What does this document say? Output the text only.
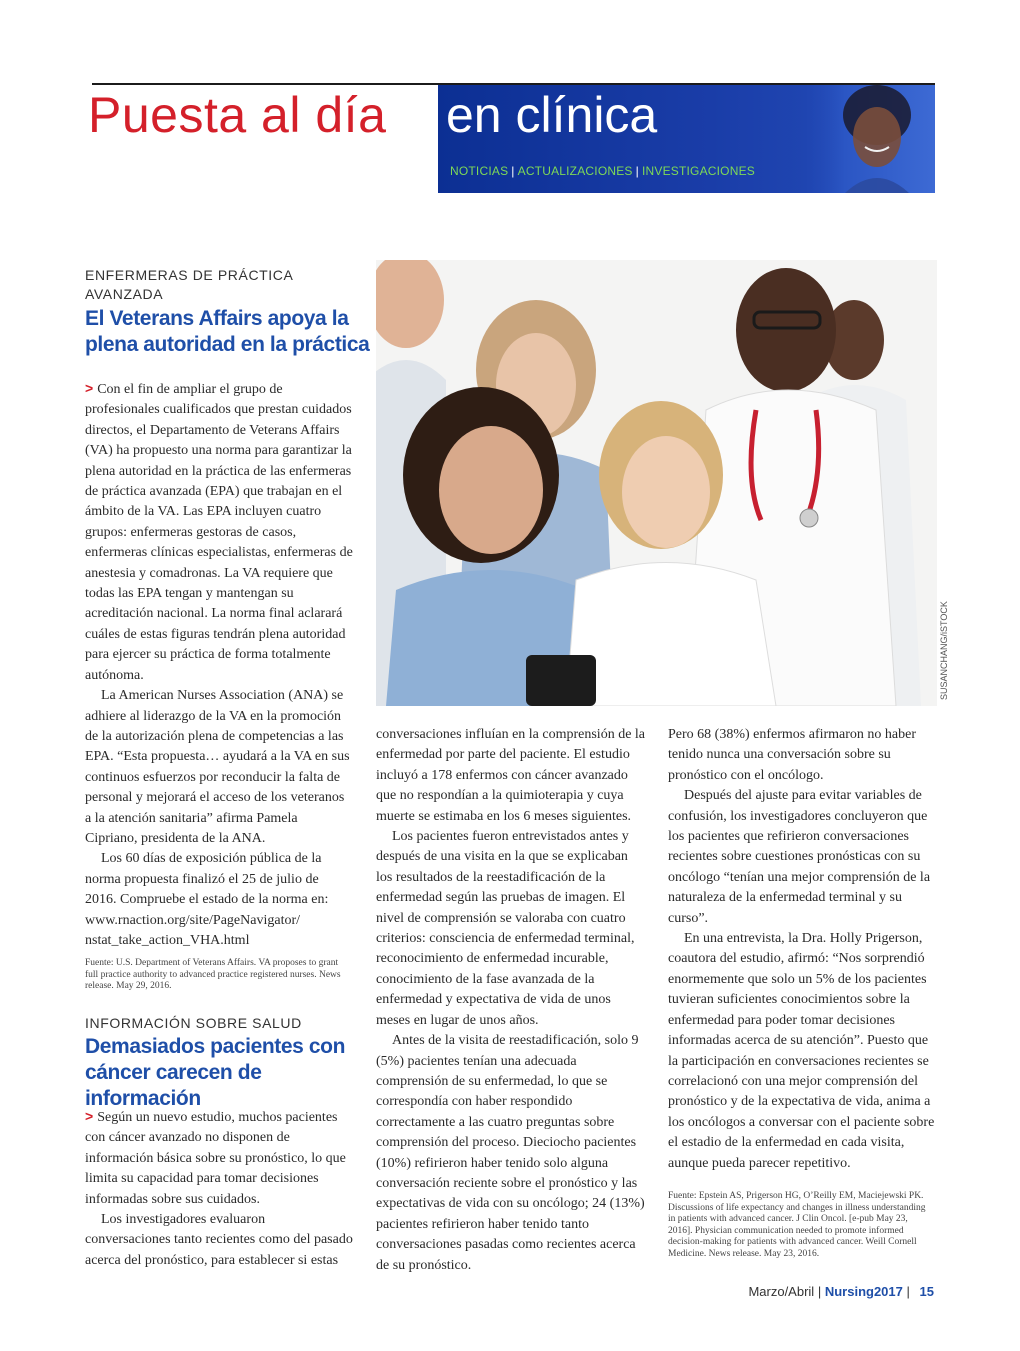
Puesta al día en clínica
NOTICIAS | ACTUALIZACIONES | INVESTIGACIONES
ENFERMERAS DE PRÁCTICA AVANZADA
El Veterans Affairs apoya la plena autoridad en la práctica

> Con el fin de ampliar el grupo de profesionales cualificados que prestan cuidados directos, el Departamento de Veterans Affairs (VA) ha propuesto una norma para garantizar la plena autoridad en la práctica de las enfermeras de práctica avanzada (EPA) que trabajan en el ámbito de la VA. Las EPA incluyen cuatro grupos: enfermeras gestoras de casos, enfermeras clínicas especialistas, enfermeras de anestesia y comadronas. La VA requiere que todas las EPA tengan y mantengan su acreditación nacional. La norma final aclarará cuáles de estas figuras tendrán plena autoridad para ejercer su práctica de forma totalmente autónoma.

La American Nurses Association (ANA) se adhiere al liderazgo de la VA en la promoción de la autorización plena de competencias a las EPA. “Esta propuesta… ayudará a la VA en sus continuos esfuerzos por reconducir la falta de personal y mejorará el acceso de los veteranos a la atención sanitaria” afirma Pamela Cipriano, presidenta de la ANA.

Los 60 días de exposición pública de la norma propuesta finalizó el 25 de julio de 2016. Compruebe el estado de la norma en: www.rnaction.org/site/PageNavigator/ nstat_take_action_VHA.html

Fuente: U.S. Department of Veterans Affairs. VA proposes to grant full practice authority to advanced practice registered nurses. News release. May 29, 2016.
INFORMACIÓN SOBRE SALUD
Demasiados pacientes con cáncer carecen de información

> Según un nuevo estudio, muchos pacientes con cáncer avanzado no disponen de información básica sobre su pronóstico, lo que limita su capacidad para tomar decisiones informadas sobre sus cuidados.

Los investigadores evaluaron conversaciones tanto recientes como del pasado acerca del pronóstico, para establecer si estas

conversaciones influían en la comprensión de la enfermedad por parte del paciente. El estudio incluyó a 178 enfermos con cáncer avanzado que no respondían a la quimioterapia y cuya muerte se estimaba en los 6 meses siguientes.

Los pacientes fueron entrevistados antes y después de una visita en la que se explicaban los resultados de la reestadificación de la enfermedad según las pruebas de imagen. El nivel de comprensión se valoraba con cuatro criterios: consciencia de enfermedad terminal, reconocimiento de enfermedad incurable, conocimiento de la fase avanzada de la enfermedad y expectativa de vida de unos meses en lugar de unos años.

Antes de la visita de reestadificación, solo 9 (5%) pacientes tenían una adecuada comprensión de su enfermedad, lo que se correspondía con haber respondido correctamente a las cuatro preguntas sobre comprensión del proceso. Dieciocho pacientes (10%) refirieron haber tenido solo alguna conversación reciente sobre el pronóstico y las expectativas de vida con su oncólogo; 24 (13%) pacientes refirieron haber tenido tanto conversaciones pasadas como recientes acerca de su pronóstico.

Pero 68 (38%) enfermos afirmaron no haber tenido nunca una conversación sobre su pronóstico con el oncólogo.

Después del ajuste para evitar variables de confusión, los investigadores concluyeron que los pacientes que refirieron conversaciones recientes sobre cuestiones pronósticas con su oncólogo “tenían una mejor comprensión de la naturaleza de la enfermedad terminal y su curso”.

En una entrevista, la Dra. Holly Prigerson, coautora del estudio, afirmó: “Nos sorprendió enormemente que solo un 5% de los pacientes tuvieran suficientes conocimientos sobre la enfermedad para poder tomar decisiones informadas acerca de su atención”. Puesto que la participación en conversaciones recientes se correlacionó con una mejor comprensión del pronóstico y de la expectativa de vida, anima a los oncólogos a conversar con el paciente sobre el estadio de la enfermedad en cada visita, aunque pueda parecer repetitivo.

Fuente: Epstein AS, Prigerson HG, O’Reilly EM, Maciejewski PK. Discussions of life expectancy and changes in illness understanding in patients with advanced cancer. J Clin Oncol. [e-pub May 23, 2016]. Physician communication needed to promote informed decision-making for patients with advanced cancer. Weill Cornell Medicine. News release. May 23, 2016.
SUSANCHANG/iSTOCK
Marzo/Abril | Nursing2017 | 15
